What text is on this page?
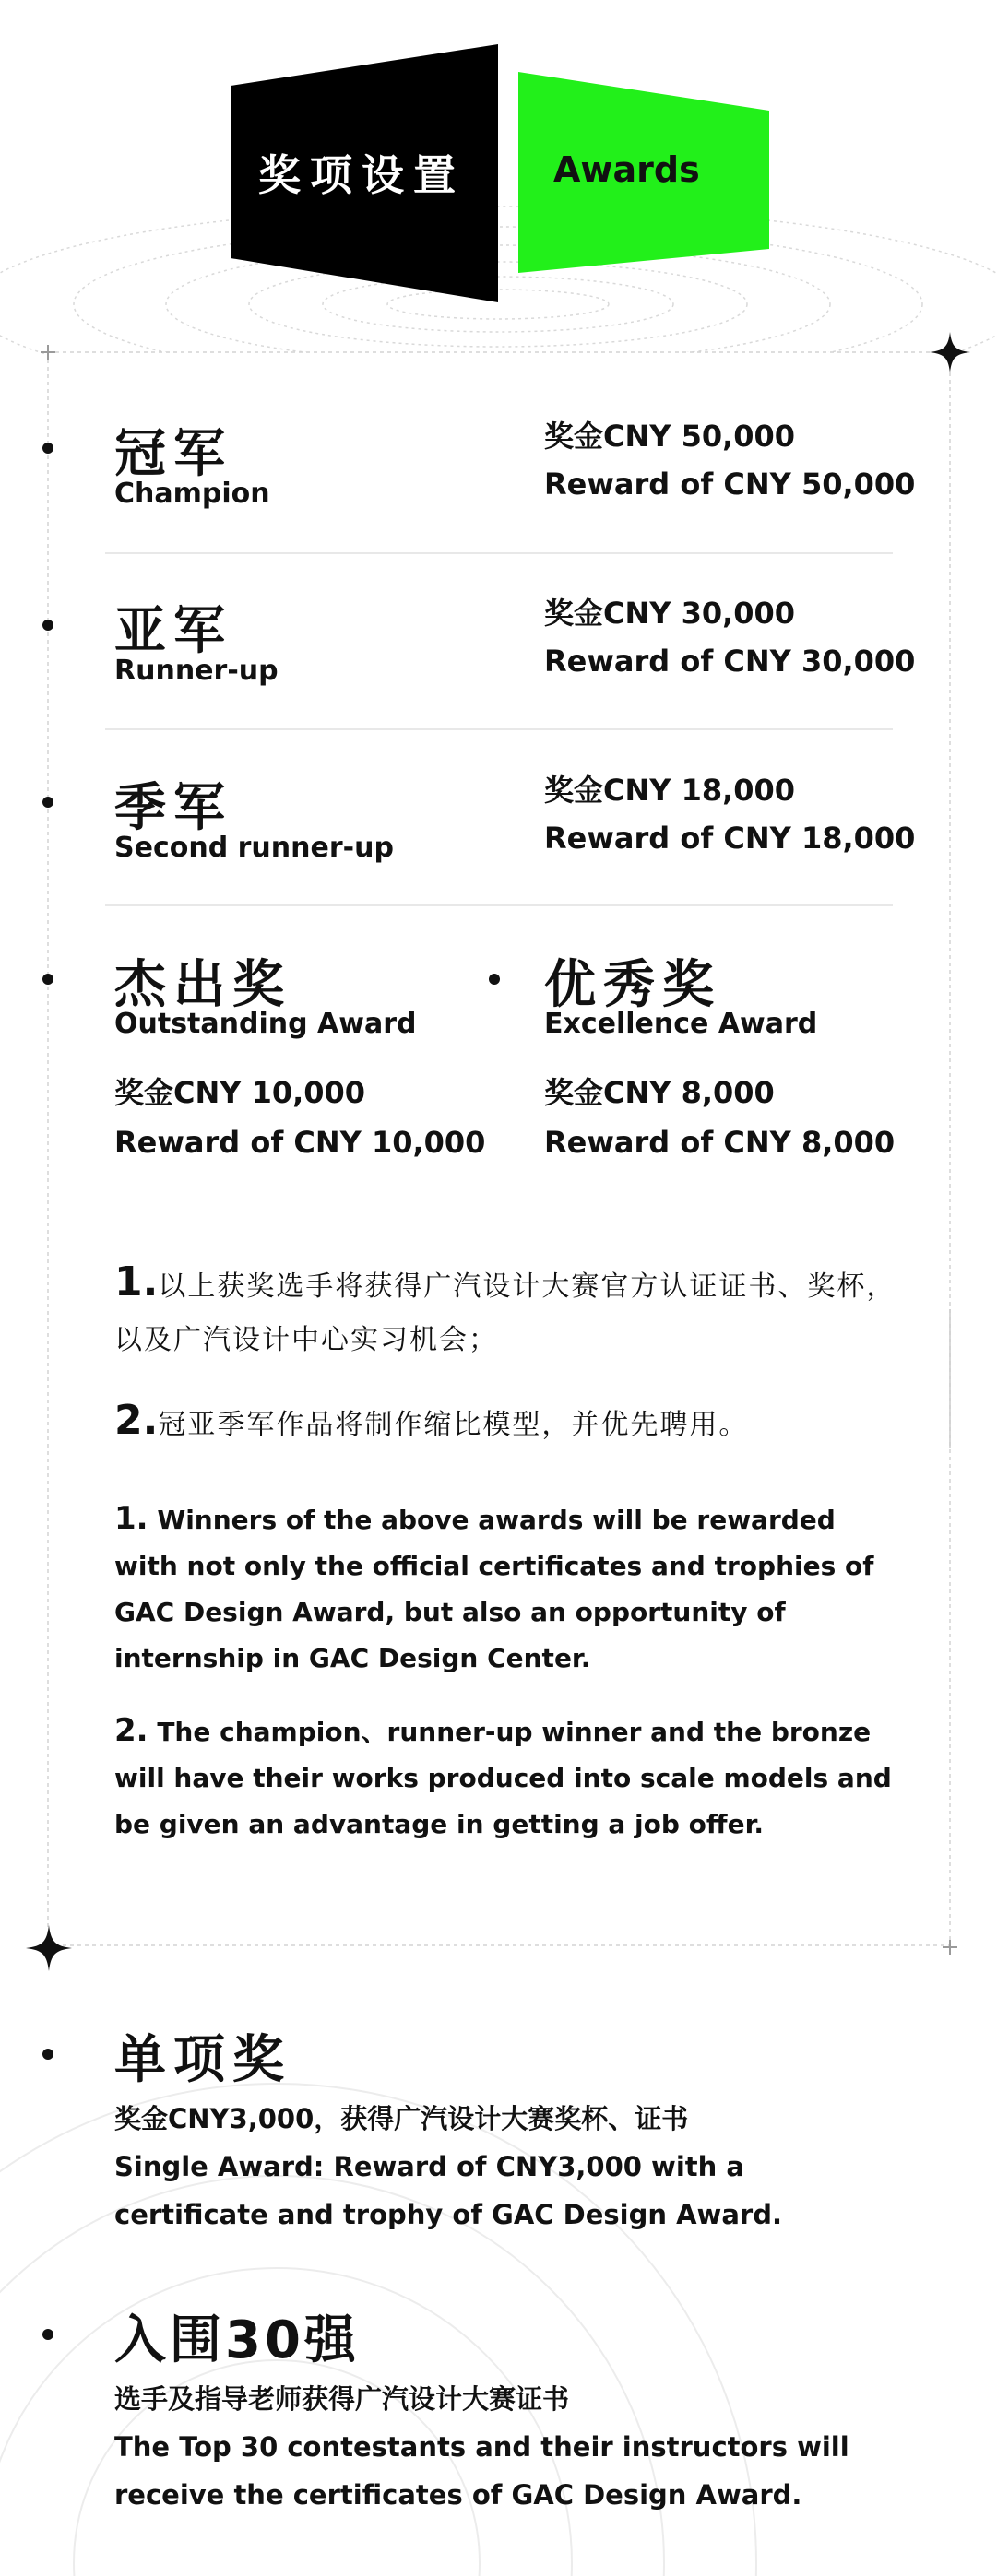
奖项设置	Awards
冠军
Champion
奖金CNY 50,000
Reward of CNY 50,000
亚军
Runner-up
奖金CNY 30,000
Reward of CNY 30,000
季军
Second runner-up
奖金CNY 18,000
Reward of CNY 18,000
杰出奖
Outstanding Award
奖金CNY 10,000
Reward of CNY 10,000
优秀奖
Excellence Award
奖金CNY 8,000
Reward of CNY 8,000
1.以上获奖选手将获得广汽设计大赛官方认证证书、奖杯，以及广汽设计中心实习机会；
2.冠亚季军作品将制作缩比模型，并优先聘用。
1. Winners of the above awards will be rewarded with not only the official certificates and trophies of GAC Design Award, but also an opportunity of internship in GAC Design Center.
2. The champion、runner-up winner and the bronze will have their works produced into scale models and be given an advantage in getting a job offer.
单项奖
奖金CNY3,000，获得广汽设计大赛奖杯、证书
Single Award: Reward of CNY3,000 with a certificate and trophy of GAC Design Award.
入围30强
选手及指导老师获得广汽设计大赛证书
The Top 30 contestants and their instructors will receive the certificates of GAC Design Award.
